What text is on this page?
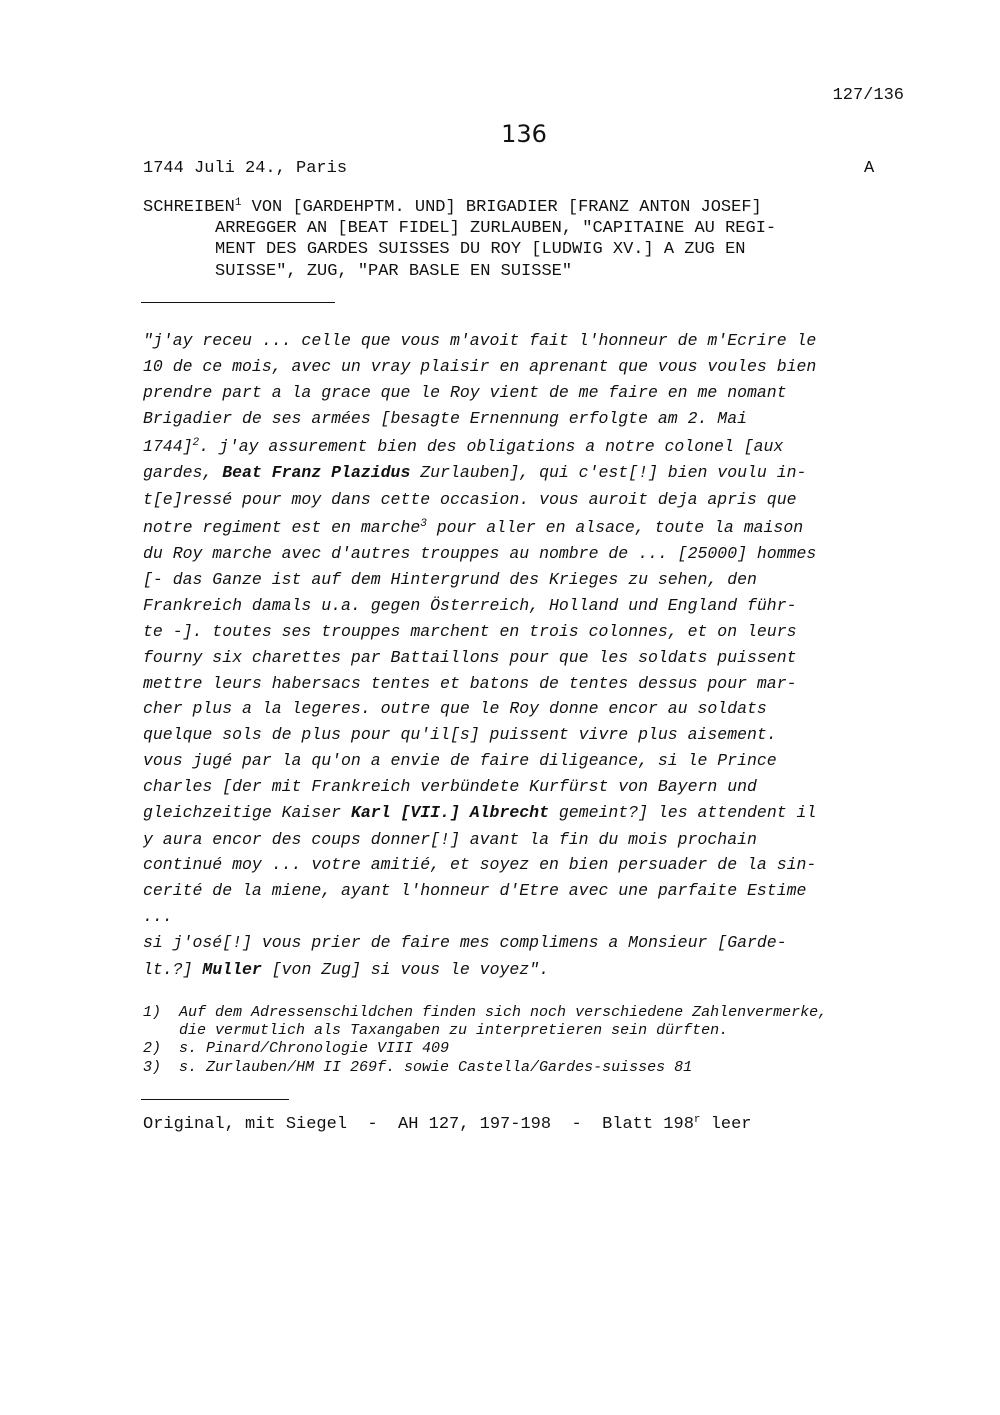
127/136
136
1744 Juli 24., Paris	A
SCHREIBEN$^1$ VON [GARDEHPTM. UND] BRIGADIER [FRANZ ANTON JOSEF]
ARREGGER AN [BEAT FIDEL] ZURLAUBEN, "CAPITAINE AU REGI-
MENT DES GARDES SUISSES DU ROY [LUDWIG XV.] A ZUG EN
SUISSE", ZUG, "PAR BASLE EN SUISSE"
"j'ay receu ... celle que vous m'avoit fait l'honneur de m'Ecrire le
10 de ce mois, avec un vray plaisir en aprenant que vous voules bien
prendre part a la grace que le Roy vient de me faire en me nomant
Brigadier de ses armées [besagte Ernennung erfolgte am 2. Mai
1744]$^2$. j'ay assurement bien des obligations a notre colonel [aux
gardes, Beat Franz Plazidus Zurlauben], qui c'est[!] bien voulu in-
t[e]ressé pour moy dans cette occasion. vous auroit deja apris que
notre regiment est en marche$^3$ pour aller en alsace, toute la maison
du Roy marche avec d'autres trouppes au nombre de ... [25000] hommes
[- das Ganze ist auf dem Hintergrund des Krieges zu sehen, den
Frankreich damals u.a. gegen Österreich, Holland und England führ-
te -]. toutes ses trouppes marchent en trois colonnes, et on leurs
fourny six charettes par Battaillons pour que les soldats puissent
mettre leurs habersacs tentes et batons de tentes dessus pour mar-
cher plus a la legeres. outre que le Roy donne encor au soldats
quelque sols de plus pour qu'il[s] puissent vivre plus aisement.
vous jugé par la qu'on a envie de faire diligeance, si le Prince
charles [der mit Frankreich verbündete Kurfürst von Bayern und
gleichzeitige Kaiser Karl [VII.] Albrecht gemeint?] les attendent il
y aura encor des coups donner[!] avant la fin du mois prochain
continué moy ... votre amitié, et soyez en bien persuader de la sin-
cerité de la miene, ayant l'honneur d'Etre avec une parfaite Estime
...
si j'osé[!] vous prier de faire mes complimens a Monsieur [Garde-
lt.?] Muller [von Zug] si vous le voyez".
1) Auf dem Adressenschildchen finden sich noch verschiedene Zahlenvermerke,
die vermutlich als Taxangaben zu interpretieren sein dürften.
2) s. Pinard/Chronologie VIII 409
3) s. Zurlauben/HM II 269f. sowie Castella/Gardes-suisses 81
Original, mit Siegel  -  AH 127, 197-198  -  Blatt 198$^r$ leer
